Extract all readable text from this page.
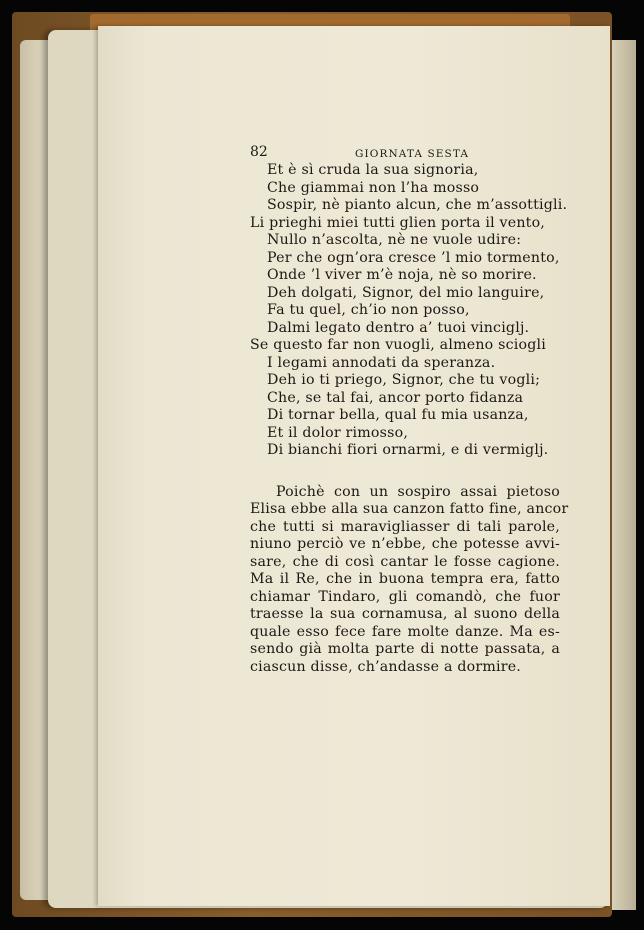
82	GIORNATA SESTA
Et è sì cruda la sua signoria,
Che giammai non l’ha mosso
Sospir, nè pianto alcun, che m’assottigli.
Li prieghi miei tutti glien porta il vento,
Nullo n’ascolta, nè ne vuole udire:
Per che ogn’ora cresce ’l mio tormento,
Onde ’l viver m’è noja, nè so morire.
Deh dolgati, Signor, del mio languire,
Fa tu quel, ch’io non posso,
Dalmi legato dentro a’ tuoi vinciglj.
Se questo far non vuogli, almeno sciogli
I legami annodati da speranza.
Deh io ti priego, Signor, che tu vogli;
Che, se tal fai, ancor porto fidanza
Di tornar bella, qual fu mia usanza,
Et il dolor rimosso,
Di bianchi fiori ornarmi, e di vermiglj.
Poichè con un sospiro assai pietoso
Elisa ebbe alla sua canzon fatto fine, ancor
che tutti si maravigliasser di tali parole,
niuno perciò ve n’ebbe, che potesse avvi-
sare, che di così cantar le fosse cagione.
Ma il Re, che in buona tempra era, fatto
chiamar Tindaro, gli comandò, che fuor
traesse la sua cornamusa, al suono della
quale esso fece fare molte danze. Ma es-
sendo già molta parte di notte passata, a
ciascun disse, ch’andasse a dormire.
